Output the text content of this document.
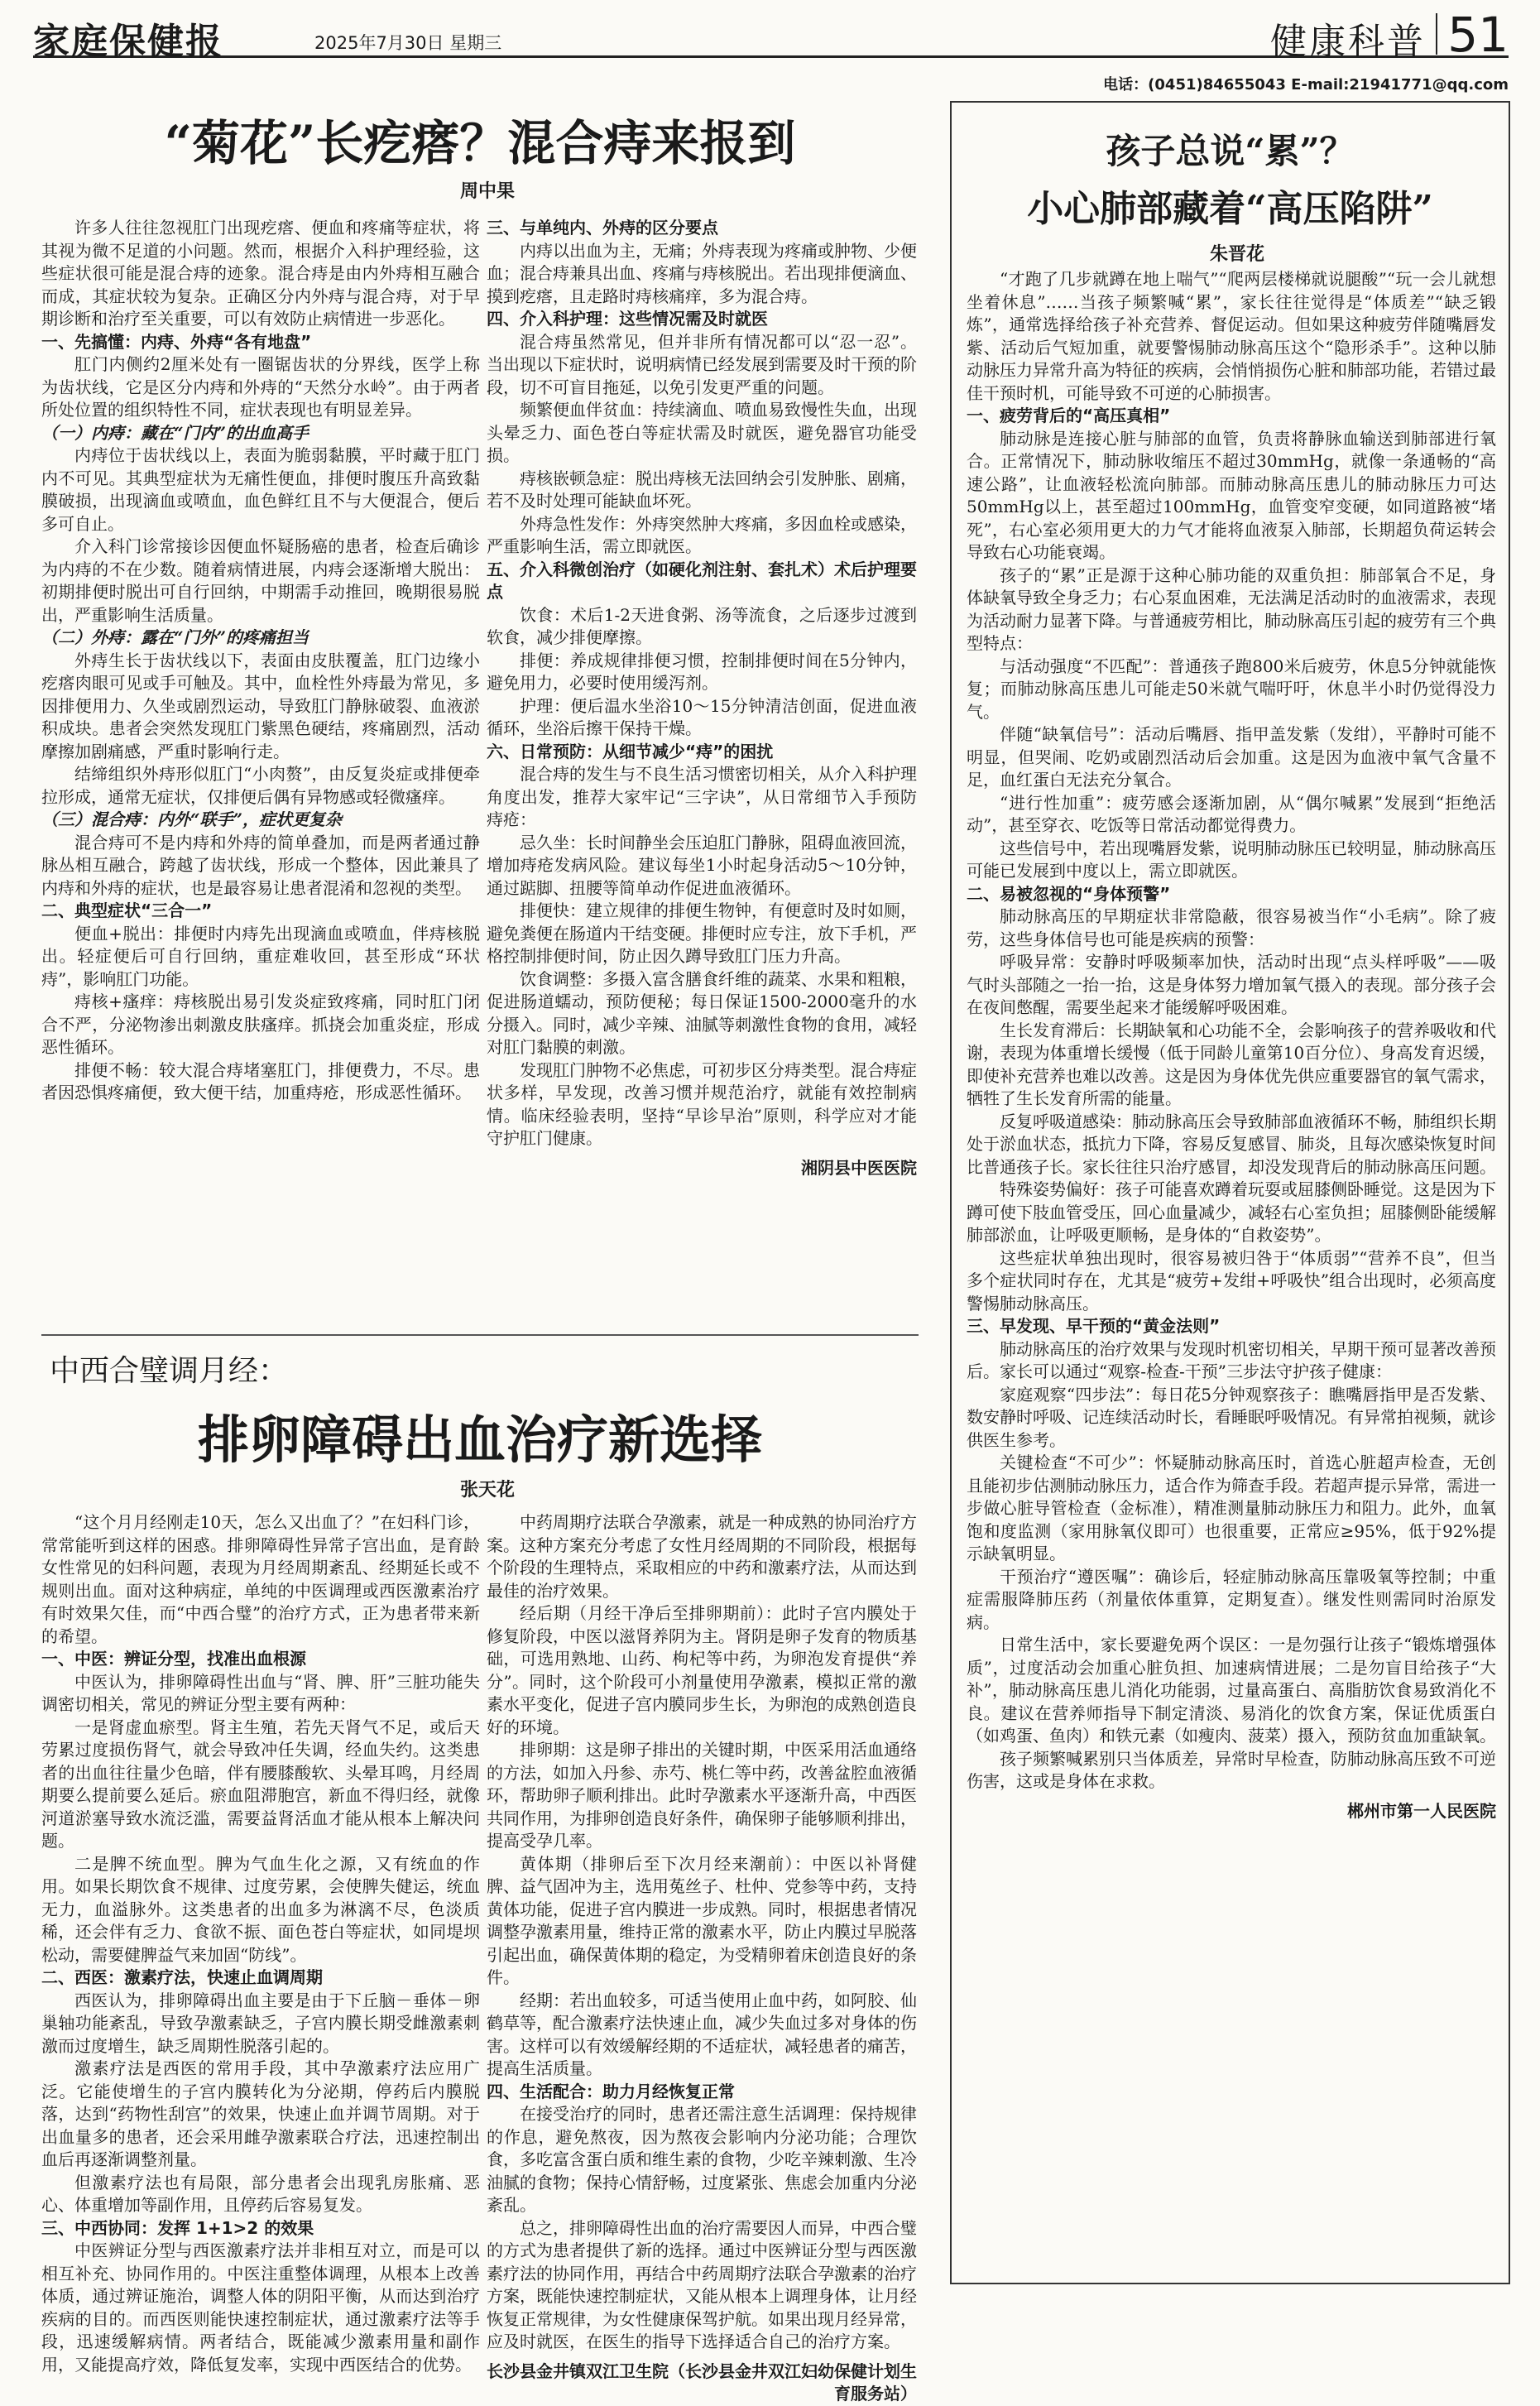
家庭保健报	2025年7月30日 星期三	健康科普 51
电话：(0451)84655043 E-mail:21941771@qq.com
“菊花”长疙瘩？混合痔来报到
周中果

许多人往往忽视肛门出现疙瘩、便血和疼痛等症状，将其视为微不足道的小问题。然而，根据介入科护理经验，这些症状很可能是混合痔的迹象。混合痔是由内外痔相互融合而成，其症状较为复杂。正确区分内外痔与混合痔，对于早期诊断和治疗至关重要，可以有效防止病情进一步恶化。

一、先搞懂：内痔、外痔“各有地盘”

肛门内侧约2厘米处有一圈锯齿状的分界线，医学上称为齿状线，它是区分内痔和外痔的“天然分水岭”。由于两者所处位置的组织特性不同，症状表现也有明显差异。

（一）内痔：藏在“门内”的出血高手

内痔位于齿状线以上，表面为脆弱黏膜，平时藏于肛门内不可见。其典型症状为无痛性便血，排便时腹压升高致黏膜破损，出现滴血或喷血，血色鲜红且不与大便混合，便后多可自止。

介入科门诊常接诊因便血怀疑肠癌的患者，检查后确诊为内痔的不在少数。随着病情进展，内痔会逐渐增大脱出：初期排便时脱出可自行回纳，中期需手动推回，晚期很易脱出，严重影响生活质量。

（二）外痔：露在“门外”的疼痛担当

外痔生长于齿状线以下，表面由皮肤覆盖，肛门边缘小疙瘩肉眼可见或手可触及。其中，血栓性外痔最为常见，多因排便用力、久坐或剧烈运动，导致肛门静脉破裂、血液淤积成块。患者会突然发现肛门紫黑色硬结，疼痛剧烈，活动摩擦加剧痛感，严重时影响行走。

结缔组织外痔形似肛门“小肉赘”，由反复炎症或排便牵拉形成，通常无症状，仅排便后偶有异物感或轻微瘙痒。

（三）混合痔：内外“联手”，症状更复杂

混合痔可不是内痔和外痔的简单叠加，而是两者通过静脉丛相互融合，跨越了齿状线，形成一个整体，因此兼具了内痔和外痔的症状，也是最容易让患者混淆和忽视的类型。

二、典型症状“三合一”

便血+脱出：排便时内痔先出现滴血或喷血，伴痔核脱出。轻症便后可自行回纳，重症难收回，甚至形成“环状痔”，影响肛门功能。

痔核+瘙痒：痔核脱出易引发炎症致疼痛，同时肛门闭合不严，分泌物渗出刺激皮肤瘙痒。抓挠会加重炎症，形成恶性循环。

排便不畅：较大混合痔堵塞肛门，排便费力，不尽。患者因恐惧疼痛便，致大便干结，加重痔疮，形成恶性循环。

三、与单纯内、外痔的区分要点

内痔以出血为主，无痛；外痔表现为疼痛或肿物、少便血；混合痔兼具出血、疼痛与痔核脱出。若出现排便滴血、摸到疙瘩，且走路时痔核痛痒，多为混合痔。

四、介入科护理：这些情况需及时就医

混合痔虽然常见，但并非所有情况都可以“忍一忍”。当出现以下症状时，说明病情已经发展到需要及时干预的阶段，切不可盲目拖延，以免引发更严重的问题。

频繁便血伴贫血：持续滴血、喷血易致慢性失血，出现头晕乏力、面色苍白等症状需及时就医，避免器官功能受损。

痔核嵌顿急症：脱出痔核无法回纳会引发肿胀、剧痛，若不及时处理可能缺血坏死。

外痔急性发作：外痔突然肿大疼痛，多因血栓或感染，严重影响生活，需立即就医。

五、介入科微创治疗（如硬化剂注射、套扎术）术后护理要点

饮食：术后1-2天进食粥、汤等流食，之后逐步过渡到软食，减少排便摩擦。

排便：养成规律排便习惯，控制排便时间在5分钟内，避免用力，必要时使用缓泻剂。

护理：便后温水坐浴10～15分钟清洁创面，促进血液循环，坐浴后擦干保持干燥。

六、日常预防：从细节减少“痔”的困扰

混合痔的发生与不良生活习惯密切相关，从介入科护理角度出发，推荐大家牢记“三字诀”，从日常细节入手预防痔疮：

忌久坐：长时间静坐会压迫肛门静脉，阻碍血液回流，增加痔疮发病风险。建议每坐1小时起身活动5～10分钟，通过踮脚、扭腰等简单动作促进血液循环。

排便快：建立规律的排便生物钟，有便意时及时如厕，避免粪便在肠道内干结变硬。排便时应专注，放下手机，严格控制排便时间，防止因久蹲导致肛门压力升高。

饮食调整：多摄入富含膳食纤维的蔬菜、水果和粗粮，促进肠道蠕动，预防便秘；每日保证1500-2000毫升的水分摄入。同时，减少辛辣、油腻等刺激性食物的食用，减轻对肛门黏膜的刺激。

发现肛门肿物不必焦虑，可初步区分痔类型。混合痔症状多样，早发现，改善习惯并规范治疗，就能有效控制病情。临床经验表明，坚持“早诊早治”原则，科学应对才能守护肛门健康。

湘阴县中医医院

中西合璧调月经：
排卵障碍出血治疗新选择
张天花

“这个月月经刚走10天，怎么又出血了？”在妇科门诊，常常能听到这样的困惑。排卵障碍性异常子宫出血，是育龄女性常见的妇科问题，表现为月经周期紊乱、经期延长或不规则出血。面对这种病症，单纯的中医调理或西医激素治疗有时效果欠佳，而“中西合璧”的治疗方式，正为患者带来新的希望。

一、中医：辨证分型，找准出血根源

中医认为，排卵障碍性出血与“肾、脾、肝”三脏功能失调密切相关，常见的辨证分型主要有两种：

一是肾虚血瘀型。肾主生殖，若先天肾气不足，或后天劳累过度损伤肾气，就会导致冲任失调，经血失约。这类患者的出血往往量少色暗，伴有腰膝酸软、头晕耳鸣，月经周期要么提前要么延后。瘀血阻滞胞宫，新血不得归经，就像河道淤塞导致水流泛滥，需要益肾活血才能从根本上解决问题。

二是脾不统血型。脾为气血生化之源，又有统血的作用。如果长期饮食不规律、过度劳累，会使脾失健运，统血无力，血溢脉外。这类患者的出血多为淋漓不尽，色淡质稀，还会伴有乏力、食欲不振、面色苍白等症状，如同堤坝松动，需要健脾益气来加固“防线”。

二、西医：激素疗法，快速止血调周期

西医认为，排卵障碍出血主要是由于下丘脑－垂体－卵巢轴功能紊乱，导致孕激素缺乏，子宫内膜长期受雌激素刺激而过度增生，缺乏周期性脱落引起的。

激素疗法是西医的常用手段，其中孕激素疗法应用广泛。它能使增生的子宫内膜转化为分泌期，停药后内膜脱落，达到“药物性刮宫”的效果，快速止血并调节周期。对于出血量多的患者，还会采用雌孕激素联合疗法，迅速控制出血后再逐渐调整剂量。

但激素疗法也有局限，部分患者会出现乳房胀痛、恶心、体重增加等副作用，且停药后容易复发。

三、中西协同：发挥 1+1>2 的效果

中医辨证分型与西医激素疗法并非相互对立，而是可以相互补充、协同作用的。中医注重整体调理，从根本上改善体质，通过辨证施治，调整人体的阴阳平衡，从而达到治疗疾病的目的。而西医则能快速控制症状，通过激素疗法等手段，迅速缓解病情。两者结合，既能减少激素用量和副作用，又能提高疗效，降低复发率，实现中西医结合的优势。

中药周期疗法联合孕激素，就是一种成熟的协同治疗方案。这种方案充分考虑了女性月经周期的不同阶段，根据每个阶段的生理特点，采取相应的中药和激素疗法，从而达到最佳的治疗效果。

经后期（月经干净后至排卵期前）：此时子宫内膜处于修复阶段，中医以滋肾养阴为主。肾阴是卵子发育的物质基础，可选用熟地、山药、枸杞等中药，为卵泡发育提供“养分”。同时，这个阶段可小剂量使用孕激素，模拟正常的激素水平变化，促进子宫内膜同步生长，为卵泡的成熟创造良好的环境。

排卵期：这是卵子排出的关键时期，中医采用活血通络的方法，如加入丹参、赤芍、桃仁等中药，改善盆腔血液循环，帮助卵子顺利排出。此时孕激素水平逐渐升高，中西医共同作用，为排卵创造良好条件，确保卵子能够顺利排出，提高受孕几率。

黄体期（排卵后至下次月经来潮前）：中医以补肾健脾、益气固冲为主，选用菟丝子、杜仲、党参等中药，支持黄体功能，促进子宫内膜进一步成熟。同时，根据患者情况调整孕激素用量，维持正常的激素水平，防止内膜过早脱落引起出血，确保黄体期的稳定，为受精卵着床创造良好的条件。

经期：若出血较多，可适当使用止血中药，如阿胶、仙鹤草等，配合激素疗法快速止血，减少失血过多对身体的伤害。这样可以有效缓解经期的不适症状，减轻患者的痛苦，提高生活质量。

四、生活配合：助力月经恢复正常

在接受治疗的同时，患者还需注意生活调理：保持规律的作息，避免熬夜，因为熬夜会影响内分泌功能；合理饮食，多吃富含蛋白质和维生素的食物，少吃辛辣刺激、生冷油腻的食物；保持心情舒畅，过度紧张、焦虑会加重内分泌紊乱。

总之，排卵障碍性出血的治疗需要因人而异，中西合璧的方式为患者提供了新的选择。通过中医辨证分型与西医激素疗法的协同作用，再结合中药周期疗法联合孕激素的治疗方案，既能快速控制症状，又能从根本上调理身体，让月经恢复正常规律，为女性健康保驾护航。如果出现月经异常，应及时就医，在医生的指导下选择适合自己的治疗方案。

长沙县金井镇双江卫生院（长沙县金井双江妇幼保健计划生育服务站）

孩子总说“累”？
小心肺部藏着“高压陷阱”
朱晋花

“才跑了几步就蹲在地上喘气”“爬两层楼梯就说腿酸”“玩一会儿就想坐着休息”……当孩子频繁喊“累”，家长往往觉得是“体质差”“缺乏锻炼”，通常选择给孩子补充营养、督促运动。但如果这种疲劳伴随嘴唇发紫、活动后气短加重，就要警惕肺动脉高压这个“隐形杀手”。这种以肺动脉压力异常升高为特征的疾病，会悄悄损伤心脏和肺部功能，若错过最佳干预时机，可能导致不可逆的心肺损害。

一、疲劳背后的“高压真相”

肺动脉是连接心脏与肺部的血管，负责将静脉血输送到肺部进行氧合。正常情况下，肺动脉收缩压不超过30mmHg，就像一条通畅的“高速公路”，让血液轻松流向肺部。而肺动脉高压患儿的肺动脉压力可达50mmHg以上，甚至超过100mmHg，血管变窄变硬，如同道路被“堵死”，右心室必须用更大的力气才能将血液泵入肺部，长期超负荷运转会导致右心功能衰竭。

孩子的“累”正是源于这种心肺功能的双重负担：肺部氧合不足，身体缺氧导致全身乏力；右心泵血困难，无法满足活动时的血液需求，表现为活动耐力显著下降。与普通疲劳相比，肺动脉高压引起的疲劳有三个典型特点：

与活动强度“不匹配”：普通孩子跑800米后疲劳，休息5分钟就能恢复；而肺动脉高压患儿可能走50米就气喘吁吁，休息半小时仍觉得没力气。

伴随“缺氧信号”：活动后嘴唇、指甲盖发紫（发绀），平静时可能不明显，但哭闹、吃奶或剧烈活动后会加重。这是因为血液中氧气含量不足，血红蛋白无法充分氧合。

“进行性加重”：疲劳感会逐渐加剧，从“偶尔喊累”发展到“拒绝活动”，甚至穿衣、吃饭等日常活动都觉得费力。

这些信号中，若出现嘴唇发紫，说明肺动脉压已较明显，肺动脉高压可能已发展到中度以上，需立即就医。

二、易被忽视的“身体预警”

肺动脉高压的早期症状非常隐蔽，很容易被当作“小毛病”。除了疲劳，这些身体信号也可能是疾病的预警：

呼吸异常：安静时呼吸频率加快，活动时出现“点头样呼吸”——吸气时头部随之一抬一抬，这是身体努力增加氧气摄入的表现。部分孩子会在夜间憋醒，需要坐起来才能缓解呼吸困难。

生长发育滞后：长期缺氧和心功能不全，会影响孩子的营养吸收和代谢，表现为体重增长缓慢（低于同龄儿童第10百分位）、身高发育迟缓，即使补充营养也难以改善。这是因为身体优先供应重要器官的氧气需求，牺牲了生长发育所需的能量。

反复呼吸道感染：肺动脉高压会导致肺部血液循环不畅，肺组织长期处于淤血状态，抵抗力下降，容易反复感冒、肺炎，且每次感染恢复时间比普通孩子长。家长往往只治疗感冒，却没发现背后的肺动脉高压问题。

特殊姿势偏好：孩子可能喜欢蹲着玩耍或屈膝侧卧睡觉。这是因为下蹲可使下肢血管受压，回心血量减少，减轻右心室负担；屈膝侧卧能缓解肺部淤血，让呼吸更顺畅，是身体的“自救姿势”。

这些症状单独出现时，很容易被归咎于“体质弱”“营养不良”，但当多个症状同时存在，尤其是“疲劳+发绀+呼吸快”组合出现时，必须高度警惕肺动脉高压。

三、早发现、早干预的“黄金法则”

肺动脉高压的治疗效果与发现时机密切相关，早期干预可显著改善预后。家长可以通过“观察-检查-干预”三步法守护孩子健康：

家庭观察“四步法”：每日花5分钟观察孩子：瞧嘴唇指甲是否发紫、数安静时呼吸、记连续活动时长，看睡眠呼吸情况。有异常拍视频，就诊供医生参考。

关键检查“不可少”：怀疑肺动脉高压时，首选心脏超声检查，无创且能初步估测肺动脉压力，适合作为筛查手段。若超声提示异常，需进一步做心脏导管检查（金标准），精准测量肺动脉压力和阻力。此外，血氧饱和度监测（家用脉氧仪即可）也很重要，正常应≥95%，低于92%提示缺氧明显。

干预治疗“遵医嘱”：确诊后，轻症肺动脉高压靠吸氧等控制；中重症需服降肺压药（剂量依体重算，定期复查）。继发性则需同时治原发病。

日常生活中，家长要避免两个误区：一是勿强行让孩子“锻炼增强体质”，过度活动会加重心脏负担、加速病情进展；二是勿盲目给孩子“大补”，肺动脉高压患儿消化功能弱，过量高蛋白、高脂肪饮食易致消化不良。建议在营养师指导下制定清淡、易消化的饮食方案，保证优质蛋白（如鸡蛋、鱼肉）和铁元素（如瘦肉、菠菜）摄入，预防贫血加重缺氧。

孩子频繁喊累别只当体质差，异常时早检查，防肺动脉高压致不可逆伤害，这或是身体在求救。

郴州市第一人民医院
